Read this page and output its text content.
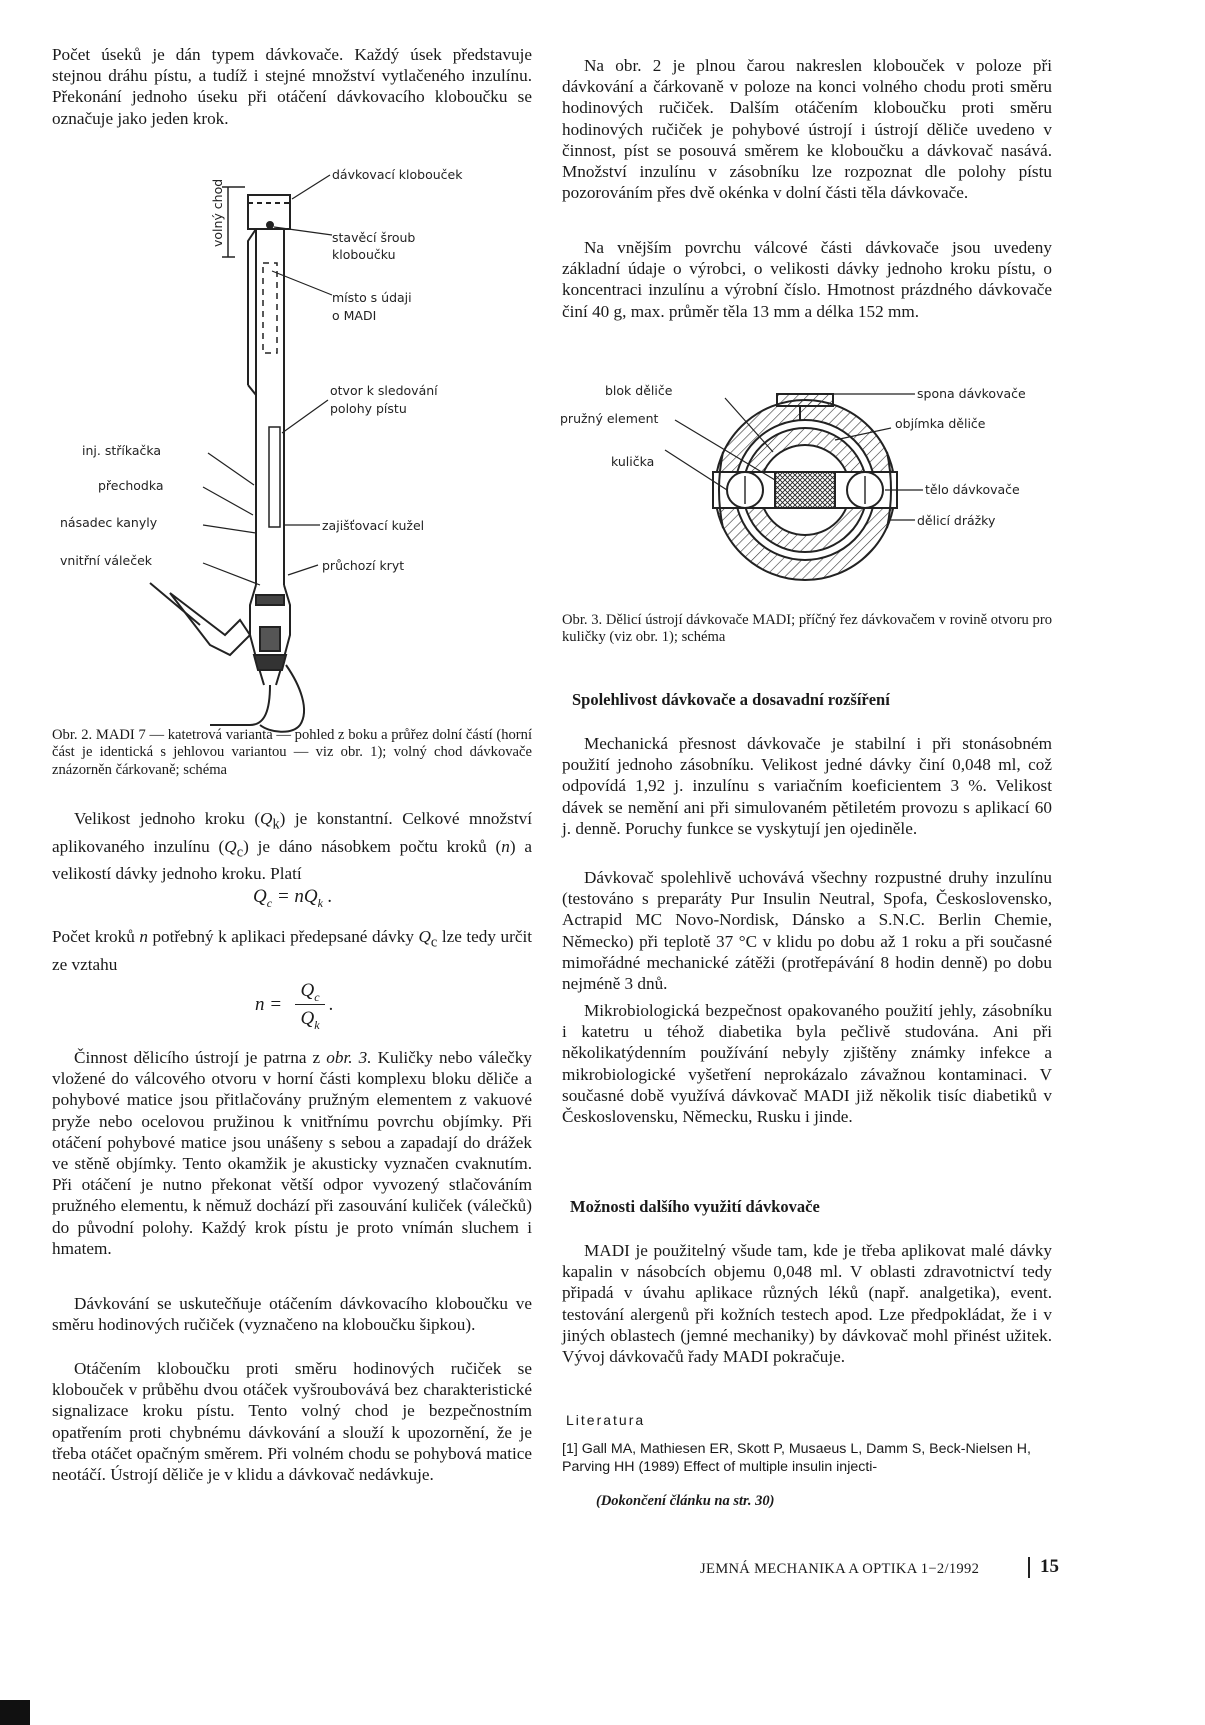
Počet úseků je dán typem dávkovače. Každý úsek představuje stejnou dráhu pístu, a tudíž i stejné množství vytlačeného inzulínu. Překonání jednoho úseku při otáčení dávkovacího kloboučku se označuje jako jeden krok.

volný chod
dávkovací klobouček
stavěcí šroub
kloboučku
místo s údaji
o MADI
otvor k sledování
polohy pístu
inj. stříkačka
přechodka
násadec kanyly
vnitřní váleček
zajišťovací kužel
průchozí kryt

Obr. 2. MADI 7 — katetrová varianta — pohled z boku a průřez dolní částí (horní část je identická s jehlovou variantou — viz obr. 1); volný chod dávkovače znázorněn čárkovaně; schéma

Velikost jednoho kroku $(Q_k)$ je konstantní. Celkové množství aplikovaného inzulínu $(Q_c)$ je dáno násobkem počtu kroků (n) a velikostí dávky jednoho kroku. Platí

$Q_c = nQ_k$ .

Počet kroků n potřebný k aplikaci předepsané dávky $Q_c$ lze tedy určit ze vztahu

n =
$Q_c$
$Q_k$
.

Činnost dělicího ústrojí je patrna z obr. 3. Kuličky nebo válečky vložené do válcového otvoru v horní části komplexu bloku děliče a pohybové matice jsou přitlačovány pružným elementem z vakuové pryže nebo ocelovou pružinou k vnitřnímu povrchu objímky. Při otáčení pohybové matice jsou unášeny s sebou a zapadají do drážek ve stěně objímky. Tento okamžik je akusticky vyznačen cvaknutím. Při otáčení je nutno překonat větší odpor vyvozený stlačováním pružného elementu, k němuž dochází při zasouvání kuliček (válečků) do původní polohy. Každý krok pístu je proto vnímán sluchem i hmatem.

Dávkování se uskutečňuje otáčením dávkovacího kloboučku ve směru hodinových ručiček (vyznačeno na kloboučku šipkou).

Otáčením kloboučku proti směru hodinových ručiček se klobouček v průběhu dvou otáček vyšroubovává bez charakteristické signalizace kroku pístu. Tento volný chod je bezpečnostním opatřením proti chybnému dávkování a slouží k upozornění, že je třeba otáčet opačným směrem. Při volném chodu se pohybová matice neotáčí. Ústrojí děliče je v klidu a dávkovač nedávkuje.

Na obr. 2 je plnou čarou nakreslen klobouček v poloze při dávkování a čárkovaně v poloze na konci volného chodu proti směru hodinových ručiček. Dalším otáčením kloboučku proti směru hodinových ručiček je pohybové ústrojí i ústrojí děliče uvedeno v činnost, píst se posouvá směrem ke kloboučku a dávkovač nasává. Množství inzulínu v zásobníku lze rozpoznat dle polohy pístu pozorováním přes dvě okénka v dolní části těla dávkovače.

Na vnějším povrchu válcové části dávkovače jsou uvedeny základní údaje o výrobci, o velikosti dávky jednoho kroku pístu, o koncentraci inzulínu a výrobní číslo. Hmotnost prázdného dávkovače činí 40 g, max. průměr těla 13 mm a délka 152 mm.

blok děliče	spona dávkovače
pružný element	objímka děliče
kulička
tělo dávkovače
dělicí drážky

Obr. 3. Dělicí ústrojí dávkovače MADI; příčný řez dávkovačem v rovině otvoru pro kuličky (viz obr. 1); schéma

Spolehlivost dávkovače a dosavadní rozšíření

Mechanická přesnost dávkovače je stabilní i při stonásobném použití jednoho zásobníku. Velikost jedné dávky činí 0,048 ml, což odpovídá 1,92 j. inzulínu s variačním koeficientem 3 %. Velikost dávek se nemění ani při simulovaném pětiletém provozu s aplikací 60 j. denně. Poruchy funkce se vyskytují jen ojediněle.

Dávkovač spolehlivě uchovává všechny rozpustné druhy inzulínu (testováno s preparáty Pur Insulin Neutral, Spofa, Československo, Actrapid MC Novo-Nordisk, Dánsko a S.N.C. Berlin Chemie, Německo) při teplotě 37 °C v klidu po dobu až 1 roku a při současné mimořádné mechanické zátěži (protřepávání 8 hodin denně) po dobu nejméně 3 dnů.

Mikrobiologická bezpečnost opakovaného použití jehly, zásobníku i katetru u téhož diabetika byla pečlivě studována. Ani při několikatýdenním používání nebyly zjištěny známky infekce a mikrobiologické vyšetření neprokázalo závažnou kontaminaci. V současné době využívá dávkovač MADI již několik tisíc diabetiků v Československu, Německu, Rusku i jinde.

Možnosti dalšího využití dávkovače

MADI je použitelný všude tam, kde je třeba aplikovat malé dávky kapalin v násobcích objemu 0,048 ml. V oblasti zdravotnictví tedy připadá v úvahu aplikace různých léků (např. analgetika), event. testování alergenů při kožních testech apod. Lze předpokládat, že i v jiných oblastech (jemné mechaniky) by dávkovač mohl přinést užitek. Vývoj dávkovačů řady MADI pokračuje.

Literatura

[1] Gall MA, Mathiesen ER, Skott P, Musaeus L, Damm S, Beck-Nielsen H, Parving HH (1989) Effect of multiple insulin injecti-

(Dokončení článku na str. 30)

JEMNÁ MECHANIKA A OPTIKA 1−2/1992	15
